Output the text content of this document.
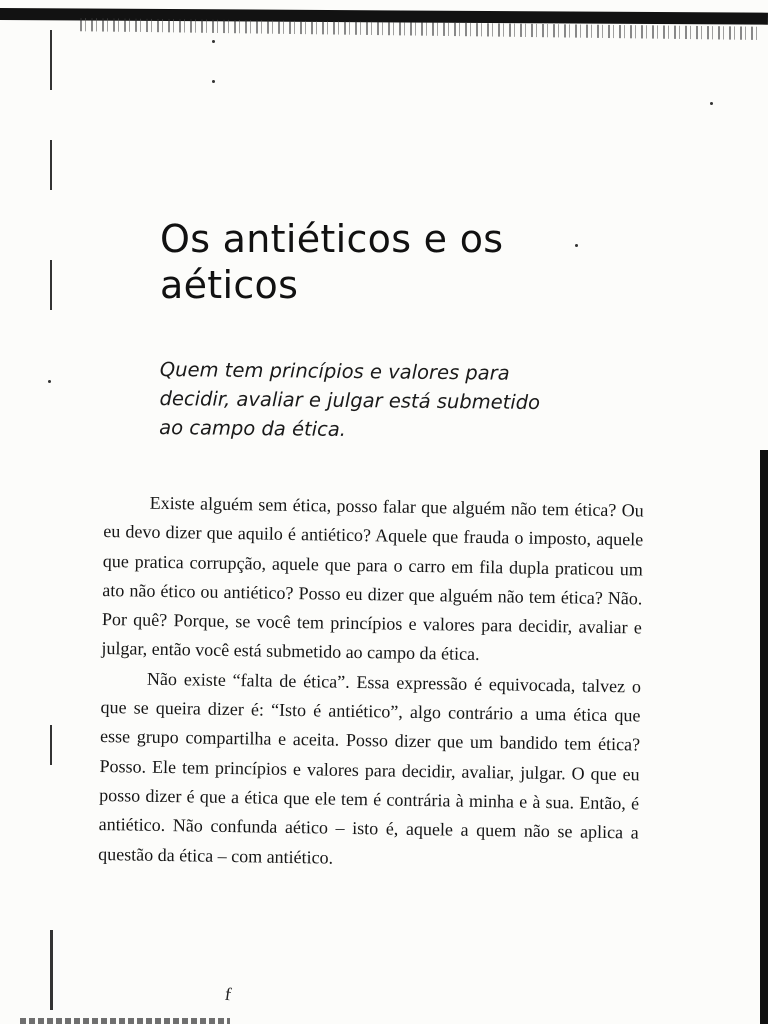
Os antiéticos e os aéticos

Quem tem princípios e valores para decidir, avaliar e julgar está submetido ao campo da ética.

Existe alguém sem ética, posso falar que alguém não tem ética? Ou eu devo dizer que aquilo é antiético? Aquele que frauda o imposto, aquele que pratica corrupção, aquele que para o carro em fila dupla praticou um ato não ético ou antiético? Posso eu dizer que alguém não tem ética? Não. Por quê? Porque, se você tem princípios e valores para decidir, avaliar e julgar, então você está submetido ao campo da ética.

Não existe “falta de ética”. Essa expressão é equivocada, talvez o que se queira dizer é: “Isto é antiético”, algo contrário a uma ética que esse grupo compartilha e aceita. Posso dizer que um bandido tem ética? Posso. Ele tem princípios e valores para decidir, avaliar, julgar. O que eu posso dizer é que a ética que ele tem é contrária à minha e à sua. Então, é antiético. Não confunda aético – isto é, aquele a quem não se aplica a questão da ética – com antiético.

f
